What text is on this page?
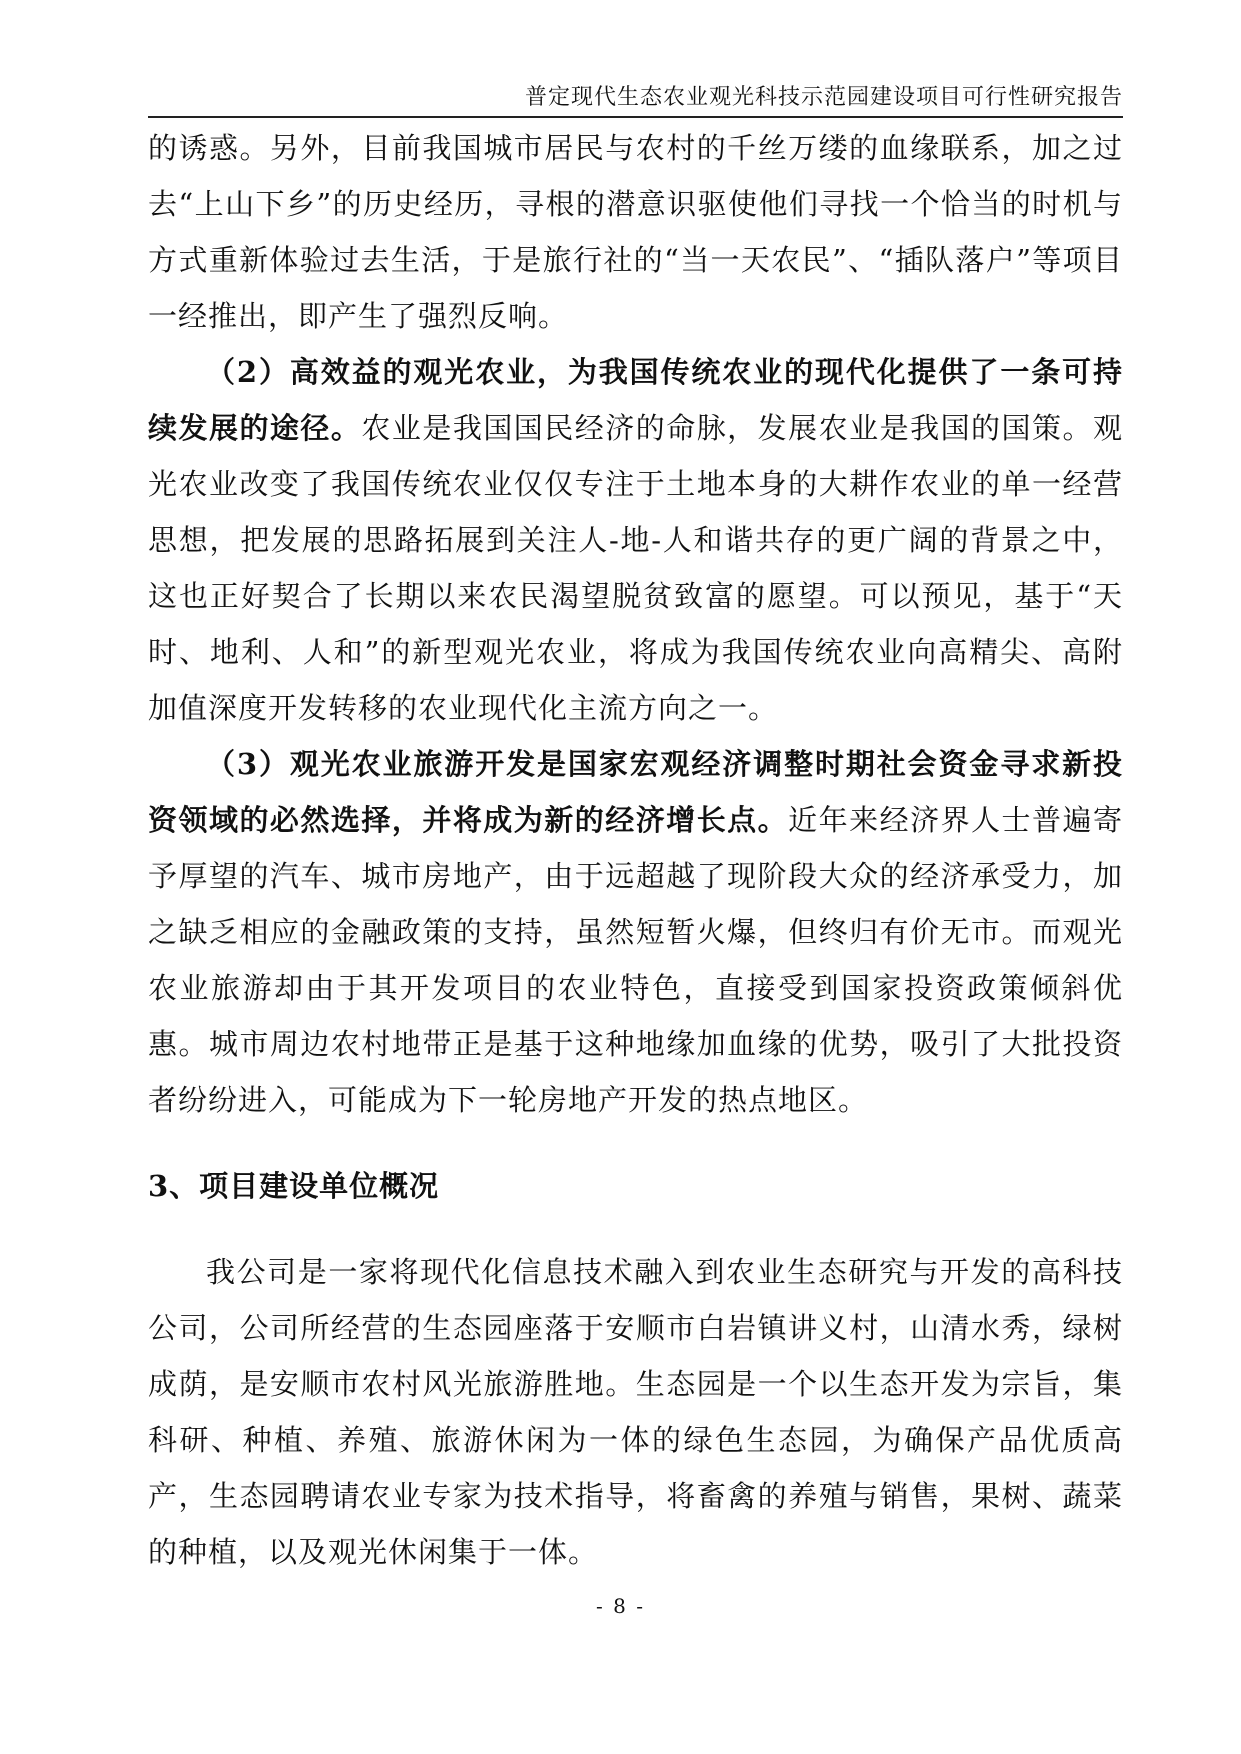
普定现代生态农业观光科技示范园建设项目可行性研究报告

的诱惑。另外，目前我国城市居民与农村的千丝万缕的血缘联系，加之过去“上山下乡”的历史经历，寻根的潜意识驱使他们寻找一个恰当的时机与方式重新体验过去生活，于是旅行社的“当一天农民”、“插队落户”等项目一经推出，即产生了强烈反响。

（2）高效益的观光农业，为我国传统农业的现代化提供了一条可持续发展的途径。农业是我国国民经济的命脉，发展农业是我国的国策。观光农业改变了我国传统农业仅仅专注于土地本身的大耕作农业的单一经营思想，把发展的思路拓展到关注人-地-人和谐共存的更广阔的背景之中，这也正好契合了长期以来农民渴望脱贫致富的愿望。可以预见，基于“天时、地利、人和”的新型观光农业，将成为我国传统农业向高精尖、高附加值深度开发转移的农业现代化主流方向之一。

（3）观光农业旅游开发是国家宏观经济调整时期社会资金寻求新投资领域的必然选择，并将成为新的经济增长点。近年来经济界人士普遍寄予厚望的汽车、城市房地产，由于远超越了现阶段大众的经济承受力，加之缺乏相应的金融政策的支持，虽然短暂火爆，但终归有价无市。而观光农业旅游却由于其开发项目的农业特色，直接受到国家投资政策倾斜优惠。城市周边农村地带正是基于这种地缘加血缘的优势，吸引了大批投资者纷纷进入，可能成为下一轮房地产开发的热点地区。

3、项目建设单位概况

我公司是一家将现代化信息技术融入到农业生态研究与开发的高科技公司，公司所经营的生态园座落于安顺市白岩镇讲义村，山清水秀，绿树成荫，是安顺市农村风光旅游胜地。生态园是一个以生态开发为宗旨，集科研、种植、养殖、旅游休闲为一体的绿色生态园，为确保产品优质高产，生态园聘请农业专家为技术指导，将畜禽的养殖与销售，果树、蔬菜的种植，以及观光休闲集于一体。

- 8 -
